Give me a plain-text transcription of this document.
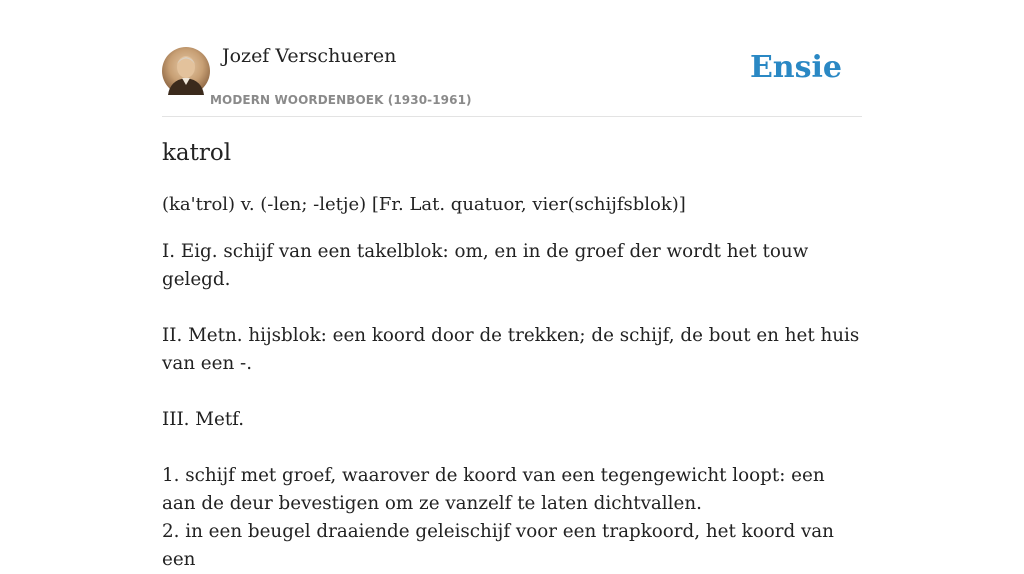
Jozef Verschueren
MODERN WOORDENBOEK (1930-1961)
Ensie
katrol
(ka'trol) v. (-len; -letje) [Fr. Lat. quatuor, vier(schijfsblok)]

I. Eig. schijf van een takelblok: om, en in de groef der wordt het touw gelegd.

II. Metn. hijsblok: een koord door de trekken; de schijf, de bout en het huis van een -.

III. Metf.

1. schijf met groef, waarover de koord van een tegengewicht loopt: een aan de deur bevestigen om ze vanzelf te laten dichtvallen.

2. in een beugel draaiende geleischijf voor een trapkoord, het koord van een
